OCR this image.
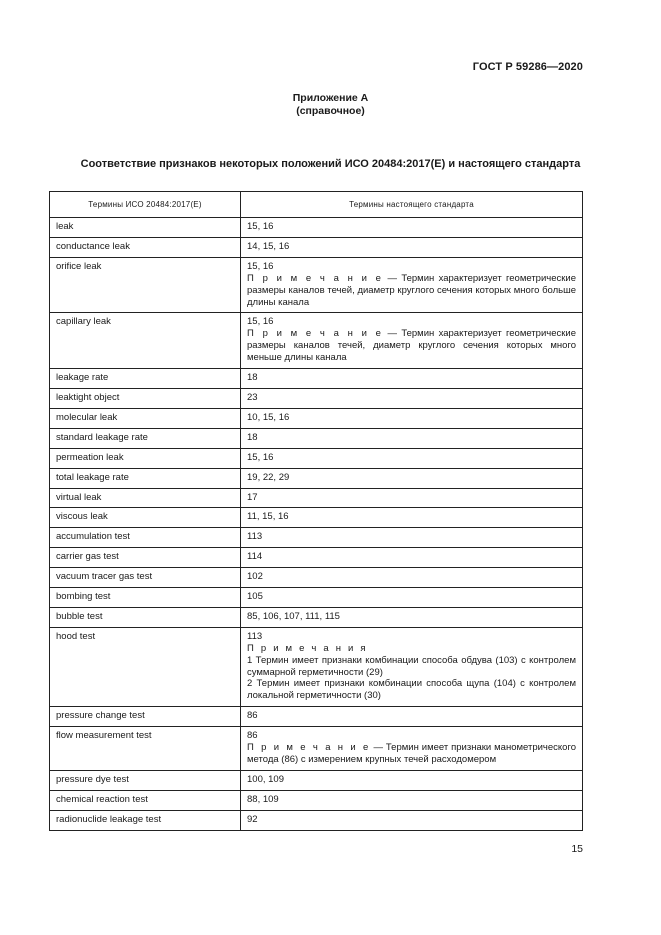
ГОСТ Р 59286—2020
Приложение А
(справочное)
Соответствие признаков некоторых положений ИСО 20484:2017(E) и настоящего стандарта
Термины ИСО 20484:2017(E)	Термины настоящего стандарта
leak	15, 16
conductance leak	14, 15, 16
orifice leak	15, 16
П р и м е ч а н и е — Термин характеризует геометрические размеры каналов течей, диаметр круглого сечения которых много больше длины канала

capillary leak	15, 16
П р и м е ч а н и е — Термин характеризует геометрические размеры каналов течей, диаметр круглого сечения которых много меньше длины канала

leakage rate	18
leaktight object	23
molecular leak	10, 15, 16
standard leakage rate	18
permeation leak	15, 16
total leakage rate	19, 22, 29
virtual leak	17
viscous leak	11, 15, 16
accumulation test	113
carrier gas test	114
vacuum tracer gas test	102
bombing test	105
bubble test	85, 106, 107, 111, 115
hood test	113
П р и м е ч а н и я
1 Термин имеет признаки комбинации способа обдува (103) с контролем суммарной герметичности (29)
2 Термин имеет признаки комбинации способа щупа (104) с контролем локальной герметичности (30)

pressure change test	86
flow measurement test	86
П р и м е ч а н и е — Термин имеет признаки манометрического метода (86) с измерением крупных течей расходомером

pressure dye test	100, 109
chemical reaction test	88, 109
radionuclide leakage test	92
15
